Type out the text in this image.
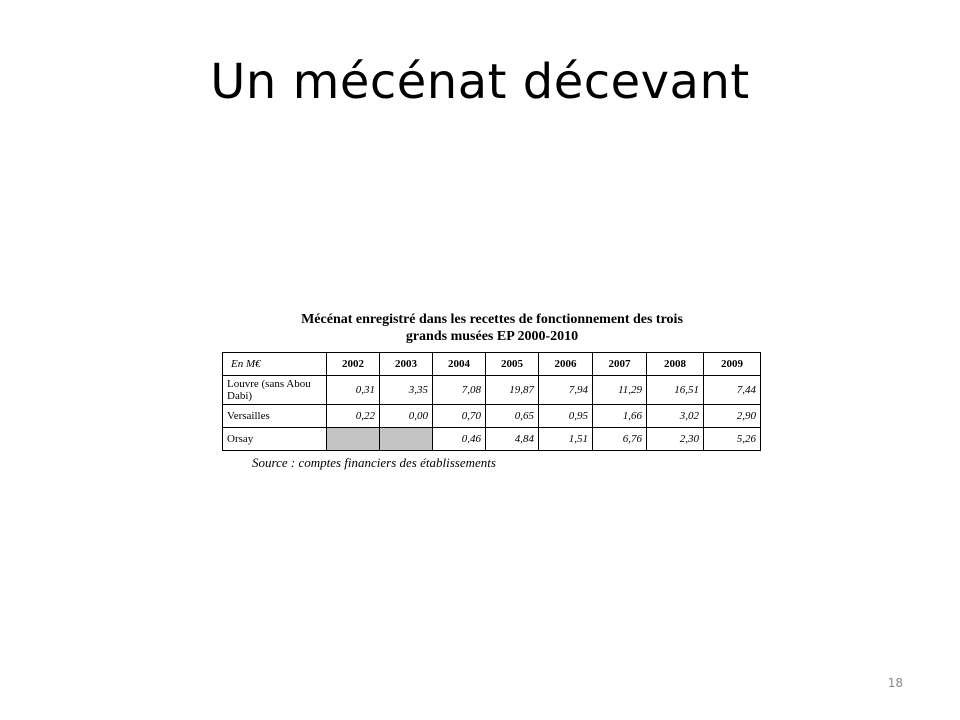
Un mécénat décevant
Mécénat enregistré dans les recettes de fonctionnement des trois
grands musées EP 2000-2010
En M€	2002	2003	2004	2005	2006	2007	2008	2009
Louvre (sans Abou Dabi)	0,31	3,35	7,08	19,87	7,94	11,29	16,51	7,44
Versailles	0,22	0,00	0,70	0,65	0,95	1,66	3,02	2,90
Orsay			0,46	4,84	1,51	6,76	2,30	5,26
Source : comptes financiers des établissements
18
